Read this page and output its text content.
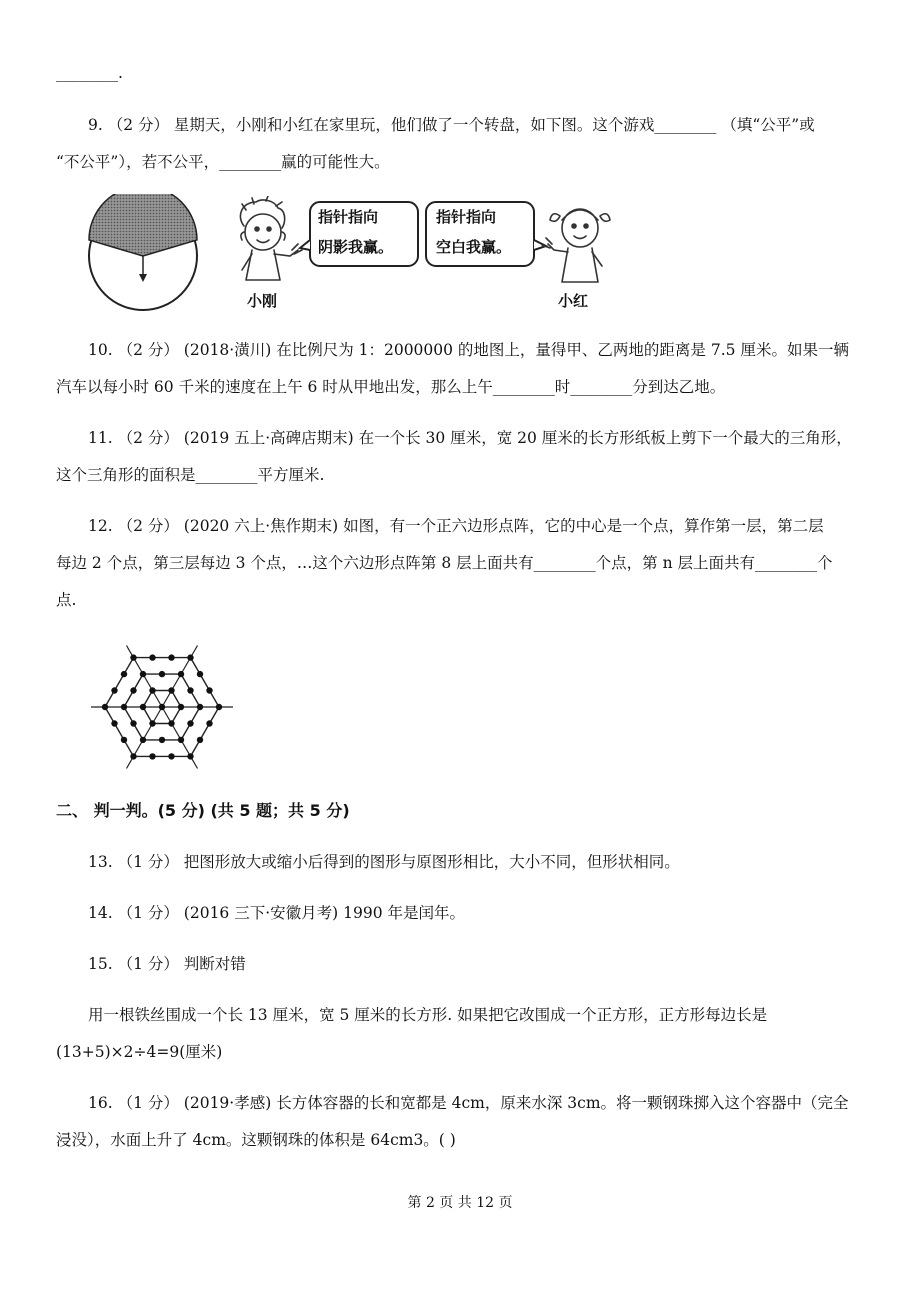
________.
9. （2 分） 星期天，小刚和小红在家里玩，他们做了一个转盘，如下图。这个游戏________ （填“公平”或
“不公平”），若不公平，________赢的可能性大。
指针指向
阴影我赢。
指针指向
空白我赢。
小刚	小红
10. （2 分） (2018·潢川) 在比例尺为 1：2000000 的地图上，量得甲、乙两地的距离是 7.5 厘米。如果一辆
汽车以每小时 60 千米的速度在上午 6 时从甲地出发，那么上午________时________分到达乙地。
11. （2 分） (2019 五上·高碑店期末) 在一个长 30 厘米，宽 20 厘米的长方形纸板上剪下一个最大的三角形，
这个三角形的面积是________平方厘米.
12. （2 分） (2020 六上·焦作期末) 如图，有一个正六边形点阵，它的中心是一个点，算作第一层，第二层
每边 2 个点，第三层每边 3 个点，…这个六边形点阵第 8 层上面共有________个点，第 n 层上面共有________个
点.
二、 判一判。(5 分) (共 5 题；共 5 分)
13. （1 分） 把图形放大或缩小后得到的图形与原图形相比，大小不同，但形状相同。
14. （1 分） (2016 三下·安徽月考) 1990 年是闰年。
15. （1 分） 判断对错
用一根铁丝围成一个长 13 厘米，宽 5 厘米的长方形. 如果把它改围成一个正方形，正方形每边长是
(13+5)×2÷4=9(厘米)
16. （1 分） (2019·孝感) 长方体容器的长和宽都是 4cm，原来水深 3cm。将一颗钢珠掷入这个容器中（完全
浸没），水面上升了 4cm。这颗钢珠的体积是 64cm3。( )
第 2 页 共 12 页
